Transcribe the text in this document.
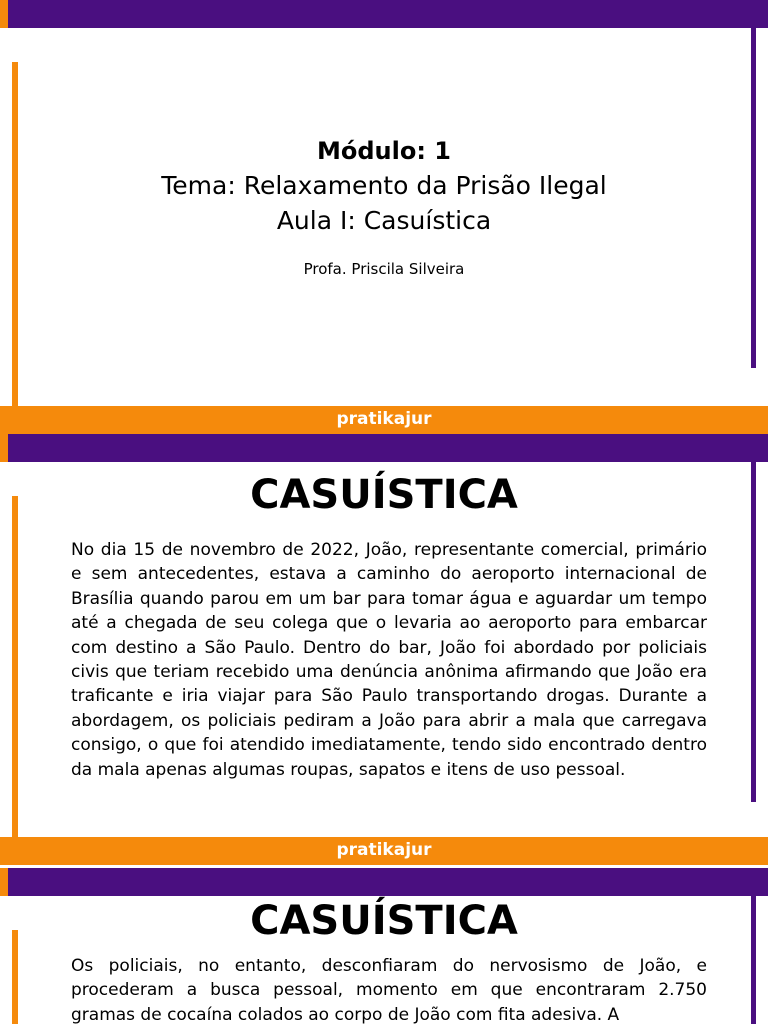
Módulo: 1
Tema: Relaxamento da Prisão Ilegal
Aula I: Casuística
Profa. Priscila Silveira
pratikajur
CASUÍSTICA

No dia 15 de novembro de 2022, João, representante comercial, primário e sem antecedentes, estava a caminho do aeroporto internacional de Brasília quando parou em um bar para tomar água e aguardar um tempo até a chegada de seu colega que o levaria ao aeroporto para embarcar com destino a São Paulo. Dentro do bar, João foi abordado por policiais civis que teriam recebido uma denúncia anônima afirmando que João era traficante e iria viajar para São Paulo transportando drogas. Durante a abordagem, os policiais pediram a João para abrir a mala que carregava consigo, o que foi atendido imediatamente, tendo sido encontrado dentro da mala apenas algumas roupas, sapatos e itens de uso pessoal.

pratikajur
CASUÍSTICA

Os policiais, no entanto, desconfiaram do nervosismo de João, e procederam a busca pessoal, momento em que encontraram 2.750 gramas de cocaína colados ao corpo de João com fita adesiva. A
